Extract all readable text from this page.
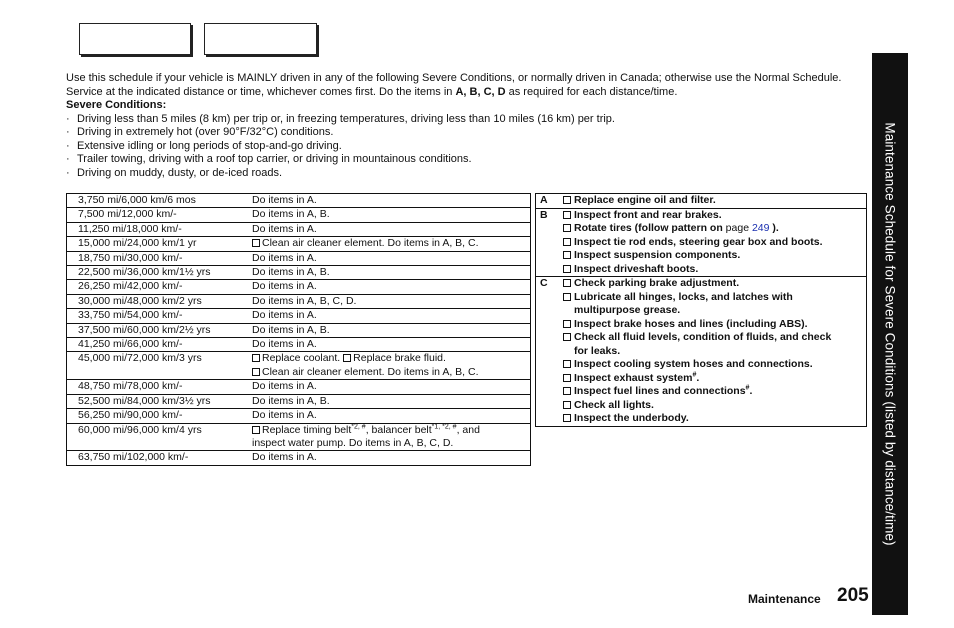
Use this schedule if your vehicle is MAINLY driven in any of the following Severe Conditions, or normally driven in Canada; otherwise use the Normal Schedule. Service at the indicated distance or time, whichever comes first. Do the items in A, B, C, D as required for each distance/time.

Severe Conditions:

· Driving less than 5 miles (8 km) per trip or, in freezing temperatures, driving less than 10 miles (16 km) per trip.
· Driving in extremely hot (over 90°F/32°C) conditions.
· Extensive idling or long periods of stop-and-go driving.
· Trailer towing, driving with a roof top carrier, or driving in mountainous conditions.
· Driving on muddy, dusty, or de-iced roads.
3,750 mi/6,000 km/6 mos	Do items in A.
7,500 mi/12,000 km/-	Do items in A, B.
11,250 mi/18,000 km/-	Do items in A.
15,000 mi/24,000 km/1 yr	Clean air cleaner element. Do items in A, B, C.
18,750 mi/30,000 km/-	Do items in A.
22,500 mi/36,000 km/1½ yrs	Do items in A, B.
26,250 mi/42,000 km/-	Do items in A.
30,000 mi/48,000 km/2 yrs	Do items in A, B, C, D.
33,750 mi/54,000 km/-	Do items in A.
37,500 mi/60,000 km/2½ yrs	Do items in A, B.
41,250 mi/66,000 km/-	Do items in A.
45,000 mi/72,000 km/3 yrs	Replace coolant. Replace brake fluid.
Clean air cleaner element. Do items in A, B, C.
48,750 mi/78,000 km/-	Do items in A.
52,500 mi/84,000 km/3½ yrs	Do items in A, B.
56,250 mi/90,000 km/-	Do items in A.
60,000 mi/96,000 km/4 yrs	Replace timing belt$^{*2, \#}$, balancer belt$^{*1, *2, \#}$, and
inspect water pump. Do items in A, B, C, D.
63,750 mi/102,000 km/-	Do items in A.
A	Replace engine oil and filter.
B	Inspect front and rear brakes.
Rotate tires (follow pattern on page 249 ).
Inspect tie rod ends, steering gear box and boots.
Inspect suspension components.
Inspect driveshaft boots.
C	Check parking brake adjustment.
Lubricate all hinges, locks, and latches with
multipurpose grease.
Inspect brake hoses and lines (including ABS).
Check all fluid levels, condition of fluids, and check
for leaks.
Inspect cooling system hoses and connections.
Inspect exhaust system#.
Inspect fuel lines and connections#.
Check all lights.
Inspect the underbody.	Maintenance Schedule for Severe Conditions (listed by distance/time)
Maintenance 205
